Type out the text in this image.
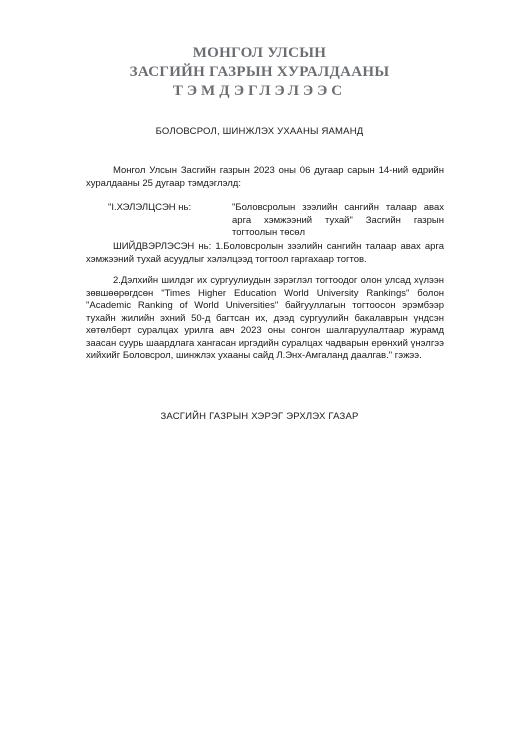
МОНГОЛ УЛСЫН
ЗАСГИЙН ГАЗРЫН ХУРАЛДААНЫ
ТЭМДЭГЛЭЛЭЭС
БОЛОВСРОЛ, ШИНЖЛЭХ УХААНЫ ЯАМАНД
Монгол Улсын Засгийн газрын 2023 оны 06 дугаар сарын 14-ний өдрийн хуралдааны 25 дугаар тэмдэглэлд:
"I.ХЭЛЭЛЦСЭН нь:	"Боловсролын зээлийн сангийн талаар авах арга хэмжээний тухай" Засгийн газрын тогтоолын төсөл
ШИЙДВЭРЛЭСЭН нь: 1.Боловсролын зээлийн сангийн талаар авах арга хэмжээний тухай асуудлыг хэлэлцээд тогтоол гаргахаар тогтов.
2.Дэлхийн шилдэг их сургуулиудын зэрэглэл тогтоодог олон улсад хүлээн зөвшөөрөгдсөн "Times Higher Education World University Rankings" болон "Academic Ranking of World Universities" байгууллагын тогтоосон эрэмбээр тухайн жилийн эхний 50-д багтсан их, дээд сургуулийн бакалаврын үндсэн хөтөлбөрт суралцах урилга авч 2023 оны сонгон шалгаруулалтаар журамд заасан суурь шаардлага хангасан иргэдийн суралцах чадварын ерөнхий үнэлгээ хийхийг Боловсрол, шинжлэх ухааны сайд Л.Энх-Амгаланд даалгав." гэжээ.
ЗАСГИЙН ГАЗРЫН ХЭРЭГ ЭРХЛЭХ ГАЗАР
